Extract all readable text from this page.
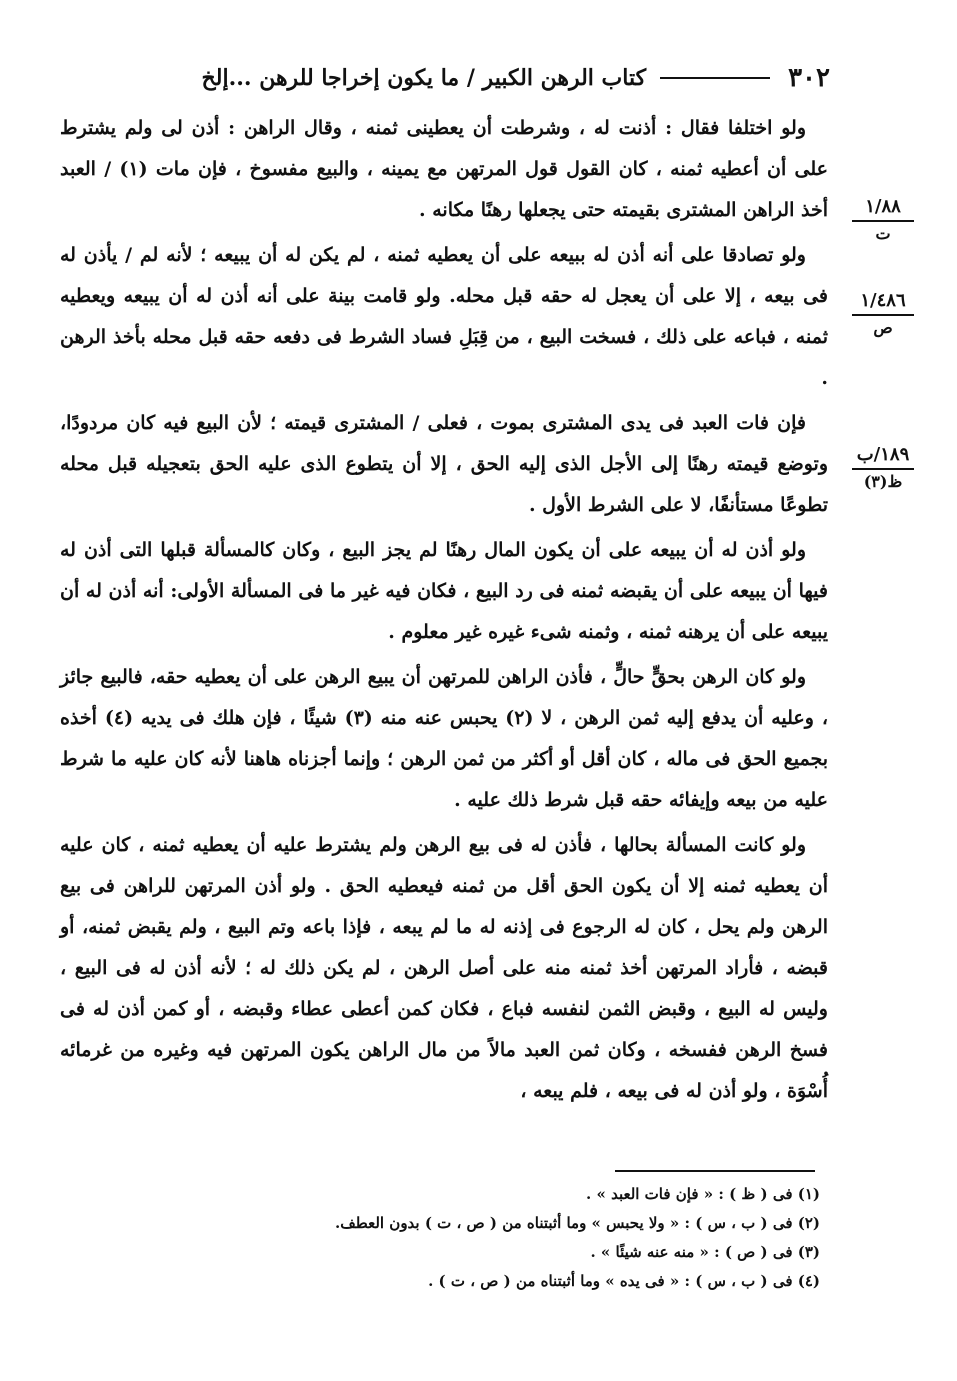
٣٠٢
كتاب الرهن الكبير / ما يكون إخراجا للرهن ...إلخ
١/٨٨
ت
١/٤٨٦
ص
١٨٩/ب
ظ(٣)

ولو اختلفا فقال : أذنت له ، وشرطت أن يعطينى ثمنه ، وقال الراهن : أذن لى ولم يشترط على أن أعطيه ثمنه ، كان القول قول المرتهن مع يمينه ، والبيع مفسوخ ، فإن مات (١) / العبد أخذ الراهن المشترى بقيمته حتى يجعلها رهنًا مكانه .

ولو تصادقا على أنه أذن له ببيعه على أن يعطيه ثمنه ، لم يكن له أن يبيعه ؛ لأنه لم / يأذن له فى بيعه ، إلا على أن يعجل له حقه قبل محله. ولو قامت بينة على أنه أذن له أن يبيعه ويعطيه ثمنه ، فباعه على ذلك ، فسخت البيع ، من قِبَلِ فساد الشرط فى دفعه حقه قبل محله بأخذ الرهن .

فإن فات العبد فى يدى المشترى بموت ، فعلى / المشترى قيمته ؛ لأن البيع فيه كان مردودًا، وتوضع قيمته رهنًا إلى الأجل الذى إليه الحق ، إلا أن يتطوع الذى عليه الحق بتعجيله قبل محله تطوعًا مستأنفًا، لا على الشرط الأول .

ولو أذن له أن يبيعه على أن يكون المال رهنًا لم يجز البيع ، وكان كالمسألة قبلها التى أذن له فيها أن يبيعه على أن يقبضه ثمنه فى رد البيع ، فكان فيه غير ما فى المسألة الأولى: أنه أذن له أن يبيعه على أن يرهنه ثمنه ، وثمنه شىء غيره غير معلوم .

ولو كان الرهن بحقٍّ حالٍّ ، فأذن الراهن للمرتهن أن يبيع الرهن على أن يعطيه حقه، فالبيع جائز ، وعليه أن يدفع إليه ثمن الرهن ، لا (٢) يحبس عنه منه (٣) شيئًا ، فإن هلك فى يديه (٤) أخذه بجميع الحق فى ماله ، كان أقل أو أكثر من ثمن الرهن ؛ وإنما أجزناه هاهنا لأنه كان عليه ما شرط عليه من بيعه وإيفائه حقه قبل شرط ذلك عليه .

ولو كانت المسألة بحالها ، فأذن له فى بيع الرهن ولم يشترط عليه أن يعطيه ثمنه ، كان عليه أن يعطيه ثمنه إلا أن يكون الحق أقل من ثمنه فيعطيه الحق . ولو أذن المرتهن للراهن فى بيع الرهن ولم يحل ، كان له الرجوع فى إذنه له ما لم يبعه ، فإذا باعه وتم البيع ، ولم يقبض ثمنه، أو قبضه ، فأراد المرتهن أخذ ثمنه منه على أصل الرهن ، لم يكن ذلك له ؛ لأنه أذن له فى البيع ، وليس له البيع ، وقبض الثمن لنفسه فباع ، فكان كمن أعطى عطاء وقبضه ، أو كمن أذن له فى فسخ الرهن ففسخه ، وكان ثمن العبد مالاً من مال الراهن يكون المرتهن فيه وغيره من غرمائه أُسْوَة ، ولو أذن له فى بيعه ، فلم يبعه ،

(١) فى ( ظ ) : « فإن فات العبد » .
(٢) فى ( ب ، س ) : « ولا يحبس » وما أثبتناه من ( ص ، ت ) بدون العطف.
(٣) فى ( ص ) : « منه عنه شيئًا » .
(٤) فى ( ب ، س ) : « فى يده » وما أثبتناه من ( ص ، ت ) .
